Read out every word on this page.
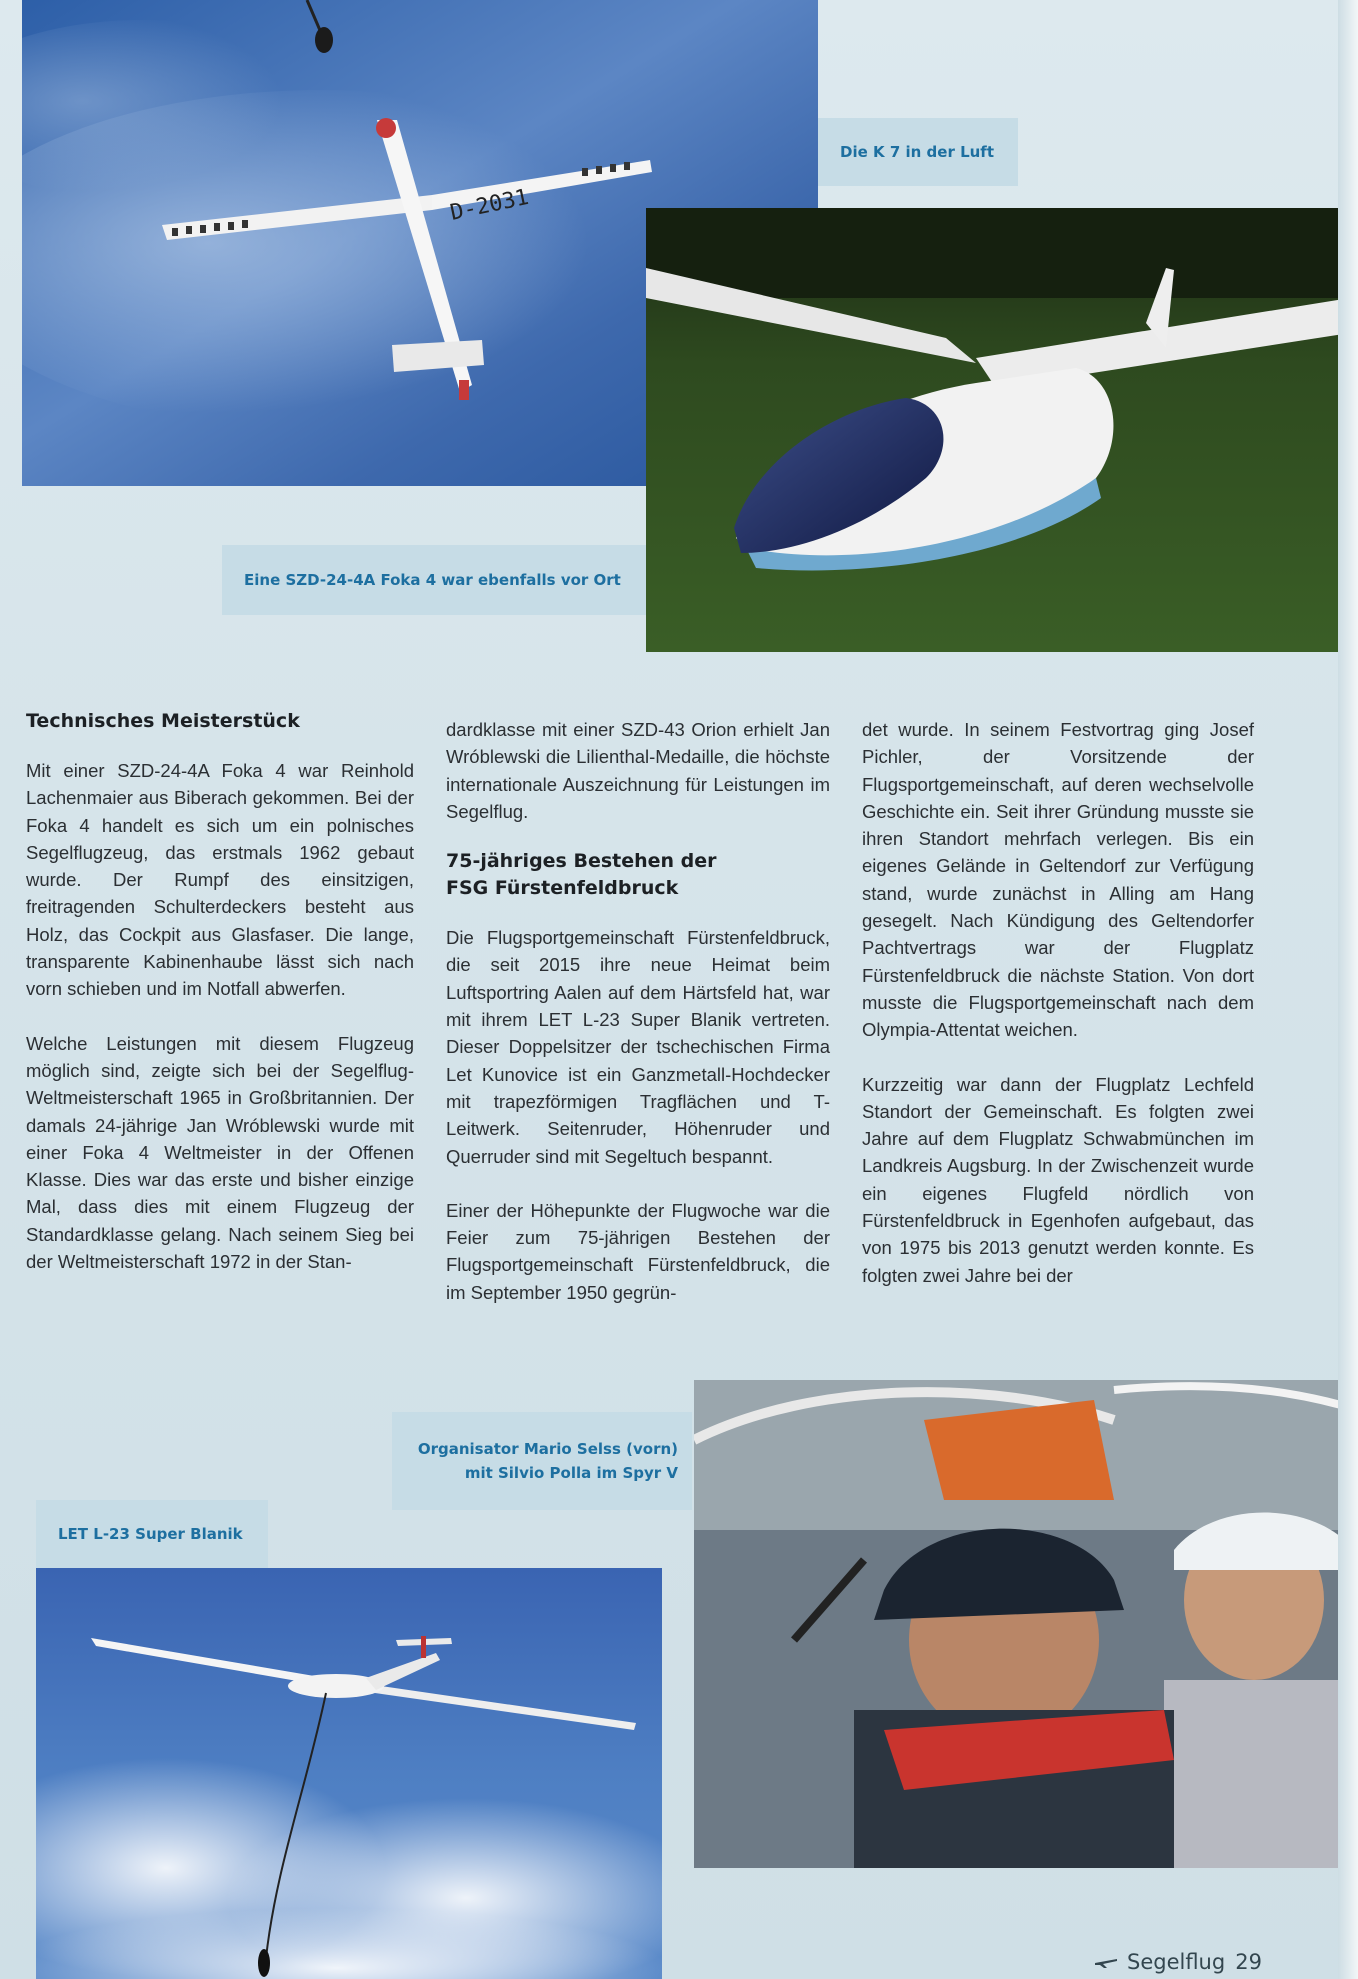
D-2031
Die K 7 in der Luft
Eine SZD-24-4A Foka 4 war ebenfalls vor Ort
Technisches Meisterstück

Mit einer SZD-24-4A Foka 4 war Reinhold Lachenmaier aus Biberach gekommen. Bei der Foka 4 handelt es sich um ein polnisches Segelflugzeug, das erstmals 1962 gebaut wurde. Der Rumpf des einsitzigen, freitragenden Schulterdeckers besteht aus Holz, das Cockpit aus Glasfaser. Die lange, transparente Kabinenhaube lässt sich nach vorn schieben und im Notfall abwerfen.

Welche Leistungen mit diesem Flugzeug möglich sind, zeigte sich bei der Segelflug-Weltmeisterschaft 1965 in Großbritannien. Der damals 24-jährige Jan Wróblewski wurde mit einer Foka 4 Weltmeister in der Offenen Klasse. Dies war das erste und bisher einzige Mal, dass dies mit einem Flugzeug der Standardklasse gelang. Nach seinem Sieg bei der Weltmeisterschaft 1972 in der Stan-

dardklasse mit einer SZD-43 Orion erhielt Jan Wróblewski die Lilienthal-Medaille, die höchste internationale Auszeichnung für Leistungen im Segelflug.

75-jähriges Bestehen der
FSG Fürstenfeldbruck

Die Flugsportgemeinschaft Fürstenfeldbruck, die seit 2015 ihre neue Heimat beim Luftsportring Aalen auf dem Härtsfeld hat, war mit ihrem LET L-23 Super Blanik vertreten. Dieser Doppelsitzer der tschechischen Firma Let Kunovice ist ein Ganzmetall-Hochdecker mit trapezförmigen Tragflächen und T-Leitwerk. Seitenruder, Höhenruder und Querruder sind mit Segeltuch bespannt.

Einer der Höhepunkte der Flugwoche war die Feier zum 75-jährigen Bestehen der Flugsportgemeinschaft Fürstenfeldbruck, die im September 1950 gegrün-

det wurde. In seinem Festvortrag ging Josef Pichler, der Vorsitzende der Flugsportgemeinschaft, auf deren wechselvolle Geschichte ein. Seit ihrer Gründung musste sie ihren Standort mehrfach verlegen. Bis ein eigenes Gelände in Geltendorf zur Verfügung stand, wurde zunächst in Alling am Hang gesegelt. Nach Kündigung des Geltendorfer Pachtvertrags war der Flugplatz Fürstenfeldbruck die nächste Station. Von dort musste die Flugsportgemeinschaft nach dem Olympia-Attentat weichen.

Kurzzeitig war dann der Flugplatz Lechfeld Standort der Gemeinschaft. Es folgten zwei Jahre auf dem Flugplatz Schwabmünchen im Landkreis Augsburg. In der Zwischenzeit wurde ein eigenes Flugfeld nördlich von Fürstenfeldbruck in Egenhofen aufgebaut, das von 1975 bis 2013 genutzt werden konnte. Es folgten zwei Jahre bei der

Organisator Mario Selss (vorn)
mit Silvio Polla im Spyr V
LET L-23 Super Blanik
Segelflug 29
